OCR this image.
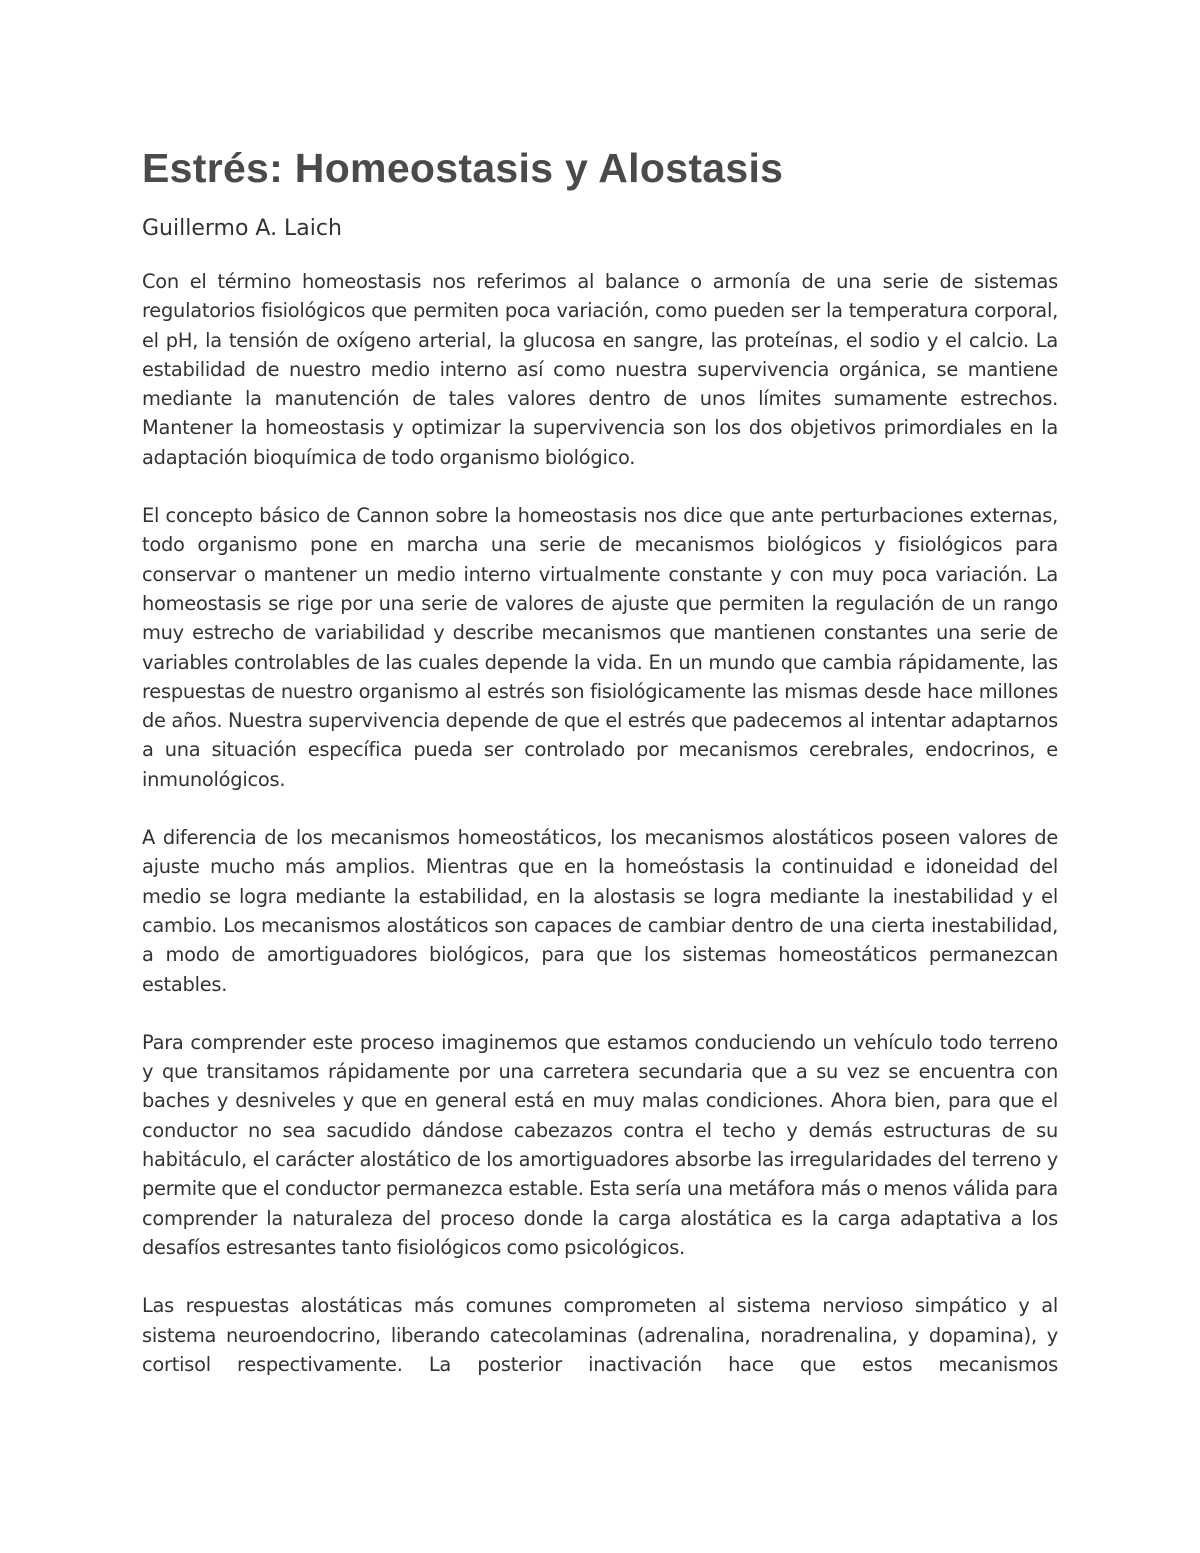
Estrés: Homeostasis y Alostasis
Guillermo A. Laich

Con el término homeostasis nos referimos al balance o armonía de una serie de sistemas regulatorios fisiológicos que permiten poca variación, como pueden ser la temperatura corporal, el pH, la tensión de oxígeno arterial, la glucosa en sangre, las proteínas, el sodio y el calcio. La estabilidad de nuestro medio interno así como nuestra supervivencia orgánica, se mantiene mediante la manutención de tales valores dentro de unos límites sumamente estrechos. Mantener la homeostasis y optimizar la supervivencia son los dos objetivos primordiales en la adaptación bioquímica de todo organismo biológico.

El concepto básico de Cannon sobre la homeostasis nos dice que ante perturbaciones externas, todo organismo pone en marcha una serie de mecanismos biológicos y fisiológicos para conservar o mantener un medio interno virtualmente constante y con muy poca variación. La homeostasis se rige por una serie de valores de ajuste que permiten la regulación de un rango muy estrecho de variabilidad y describe mecanismos que mantienen constantes una serie de variables controlables de las cuales depende la vida. En un mundo que cambia rápidamente, las respuestas de nuestro organismo al estrés son fisiológicamente las mismas desde hace millones de años. Nuestra supervivencia depende de que el estrés que padecemos al intentar adaptarnos a una situación específica pueda ser controlado por mecanismos cerebrales, endocrinos, e inmunológicos.

A diferencia de los mecanismos homeostáticos, los mecanismos alostáticos poseen valores de ajuste mucho más amplios. Mientras que en la homeóstasis la continuidad e idoneidad del medio se logra mediante la estabilidad, en la alostasis se logra mediante la inestabilidad y el cambio. Los mecanismos alostáticos son capaces de cambiar dentro de una cierta inestabilidad, a modo de amortiguadores biológicos, para que los sistemas homeostáticos permanezcan estables.

Para comprender este proceso imaginemos que estamos conduciendo un vehículo todo terreno y que transitamos rápidamente por una carretera secundaria que a su vez se encuentra con baches y desniveles y que en general está en muy malas condiciones. Ahora bien, para que el conductor no sea sacudido dándose cabezazos contra el techo y demás estructuras de su habitáculo, el carácter alostático de los amortiguadores absorbe las irregularidades del terreno y permite que el conductor permanezca estable. Esta sería una metáfora más o menos válida para comprender la naturaleza del proceso donde la carga alostática es la carga adaptativa a los desafíos estresantes tanto fisiológicos como psicológicos.

Las respuestas alostáticas más comunes comprometen al sistema nervioso simpático y al sistema neuroendocrino, liberando catecolaminas (adrenalina, noradrenalina, y dopamina), y cortisol respectivamente. La posterior inactivación hace que estos mecanismos
